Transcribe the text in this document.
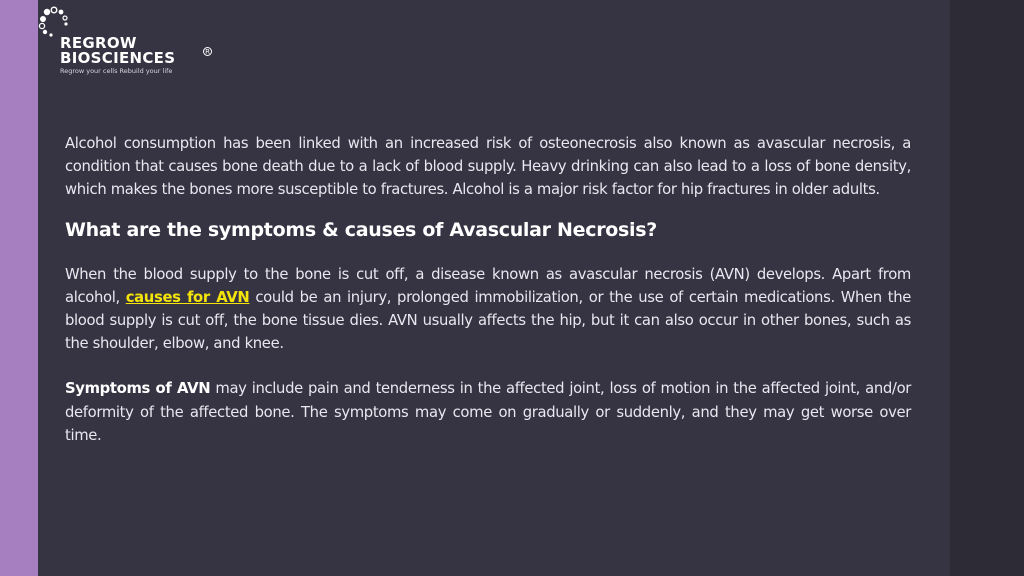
REGROW
BIOSCIENCES	R
Regrow your cells Rebuild your life

Alcohol consumption has been linked with an increased risk of osteonecrosis also known as avascular necrosis, a condition that causes bone death due to a lack of blood supply. Heavy drinking can also lead to a loss of bone density, which makes the bones more susceptible to fractures. Alcohol is a major risk factor for hip fractures in older adults.

What are the symptoms & causes of Avascular Necrosis?

When the blood supply to the bone is cut off, a disease known as avascular necrosis (AVN) develops. Apart from alcohol, causes for AVN could be an injury, prolonged immobilization, or the use of certain medications. When the blood supply is cut off, the bone tissue dies. AVN usually affects the hip, but it can also occur in other bones, such as the shoulder, elbow, and knee.

Symptoms of AVN may include pain and tenderness in the affected joint, loss of motion in the affected joint, and/or deformity of the affected bone. The symptoms may come on gradually or suddenly, and they may get worse over time.
